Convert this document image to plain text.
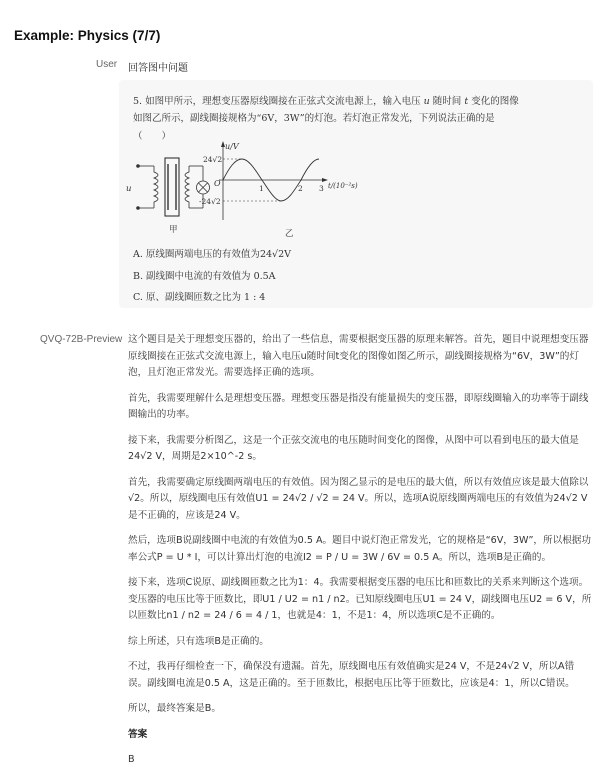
Example: Physics (7/7)
User 回答图中问题
5. 如图甲所示，理想变压器原线圈接在正弦式交流电源上，输入电压 u 随时间 t 变化的图像
如图乙所示，副线圈接规格为“6V，3W”的灯泡。若灯泡正常发光，下列说法正确的是
（　　）
u
u/V
24√2
-24√2
O
1	2 3 t/(10⁻²s)
甲	乙
A. 原线圈两端电压的有效值为24√2V
B. 副线圈中电流的有效值为 0.5A
C. 原、副线圈匝数之比为 1 : 4
QVQ-72B-Preview 这个题目是关于理想变压器的，给出了一些信息，需要根据变压器的原理来解答。首先，题目中说理想变压器原线圈接在正弦式交流电源上，输入电压u随时间t变化的图像如图乙所示，副线圈接规格为“6V，3W”的灯泡，且灯泡正常发光。需要选择正确的选项。

首先，我需要理解什么是理想变压器。理想变压器是指没有能量损失的变压器，即原线圈输入的功率等于副线圈输出的功率。

接下来，我需要分析图乙，这是一个正弦交流电的电压随时间变化的图像，从图中可以看到电压的最大值是24√2 V，周期是2×10^-2 s。

首先，我需要确定原线圈两端电压的有效值。因为图乙显示的是电压的最大值，所以有效值应该是最大值除以√2。所以，原线圈电压有效值U1 = 24√2 / √2 = 24 V。所以，选项A说原线圈两端电压的有效值为24√2 V是不正确的，应该是24 V。

然后，选项B说副线圈中电流的有效值为0.5 A。题目中说灯泡正常发光，它的规格是“6V，3W”，所以根据功率公式P = U * I，可以计算出灯泡的电流I2 = P / U = 3W / 6V = 0.5 A。所以，选项B是正确的。

接下来，选项C说原、副线圈匝数之比为1：4。我需要根据变压器的电压比和匝数比的关系来判断这个选项。变压器的电压比等于匝数比，即U1 / U2 = n1 / n2。已知原线圈电压U1 = 24 V，副线圈电压U2 = 6 V，所以匝数比n1 / n2 = 24 / 6 = 4 / 1，也就是4：1，不是1：4，所以选项C是不正确的。

综上所述，只有选项B是正确的。

不过，我再仔细检查一下，确保没有遗漏。首先，原线圈电压有效值确实是24 V，不是24√2 V，所以A错误。副线圈电流是0.5 A，这是正确的。至于匝数比，根据电压比等于匝数比，应该是4：1，所以C错误。

所以，最终答案是B。

答案

B
